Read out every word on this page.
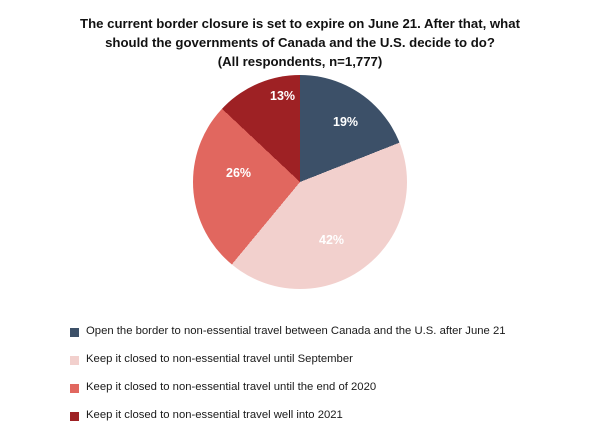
The current border closure is set to expire on June 21. After that, what
should the governments of Canada and the U.S. decide to do?
(All respondents, n=1,777)
19%
42%
26%
13%
Open the border to non-essential travel between Canada and the U.S. after June 21
Keep it closed to non-essential travel until September
Keep it closed to non-essential travel until the end of 2020
Keep it closed to non-essential travel well into 2021
